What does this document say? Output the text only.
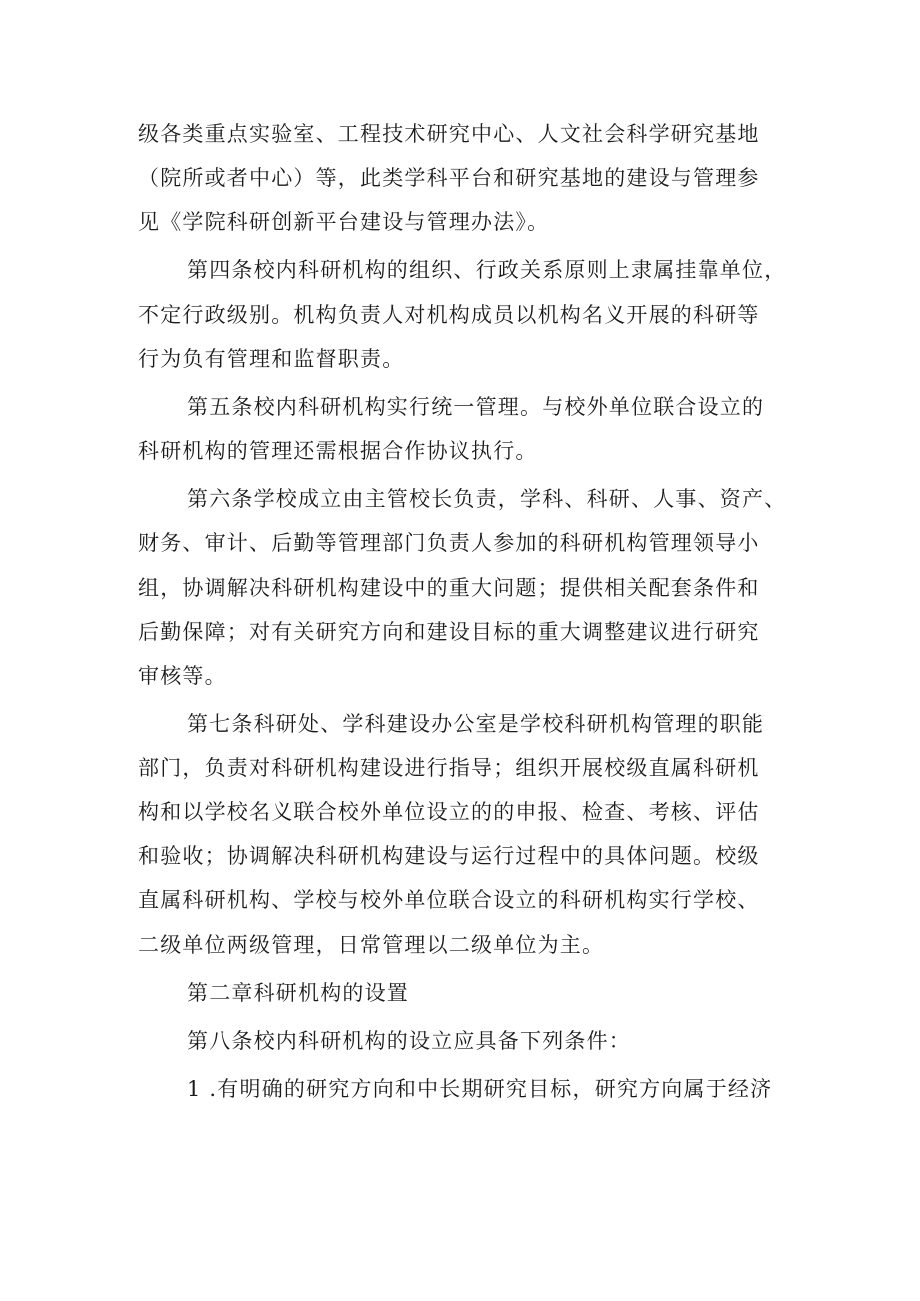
级各类重点实验室、工程技术研究中心、人文社会科学研究基地
（院所或者中心）等，此类学科平台和研究基地的建设与管理参
见《学院科研创新平台建设与管理办法》。
第四条校内科研机构的组织、行政关系原则上隶属挂靠单位，
不定行政级别。机构负责人对机构成员以机构名义开展的科研等
行为负有管理和监督职责。
第五条校内科研机构实行统一管理。与校外单位联合设立的
科研机构的管理还需根据合作协议执行。
第六条学校成立由主管校长负责，学科、科研、人事、资产、
财务、审计、后勤等管理部门负责人参加的科研机构管理领导小
组，协调解决科研机构建设中的重大问题；提供相关配套条件和
后勤保障；对有关研究方向和建设目标的重大调整建议进行研究
审核等。
第七条科研处、学科建设办公室是学校科研机构管理的职能
部门，负责对科研机构建设进行指导；组织开展校级直属科研机
构和以学校名义联合校外单位设立的的申报、检查、考核、评估
和验收；协调解决科研机构建设与运行过程中的具体问题。校级
直属科研机构、学校与校外单位联合设立的科研机构实行学校、
二级单位两级管理，日常管理以二级单位为主。
第二章科研机构的设置
第八条校内科研机构的设立应具备下列条件：
1 .有明确的研究方向和中长期研究目标，研究方向属于经济
